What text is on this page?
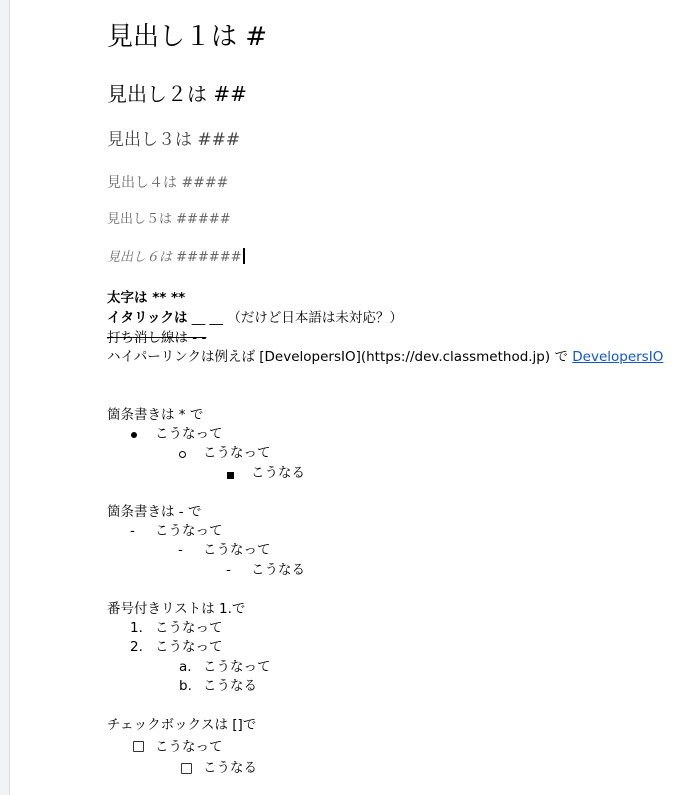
見出し１は #
見出し２は ##
見出し３は ###
見出し４は ####
見出し５は #####
見出し６は ######
太字は ** **
イタリックは __ __ （だけど日本語は未対応？）
打ち消し線は - -
ハイパーリンクは例えば [DevelopersIO](https://dev.classmethod.jp) で DevelopersIO
箇条書きは * で
こうなって
こうなって
こうなる
箇条書きは - で
- こうなって
- こうなって
- こうなる
番号付きリストは 1.で
1. こうなって
2. こうなって
a. こうなって
b. こうなる
チェックボックスは []で
こうなって
こうなる
